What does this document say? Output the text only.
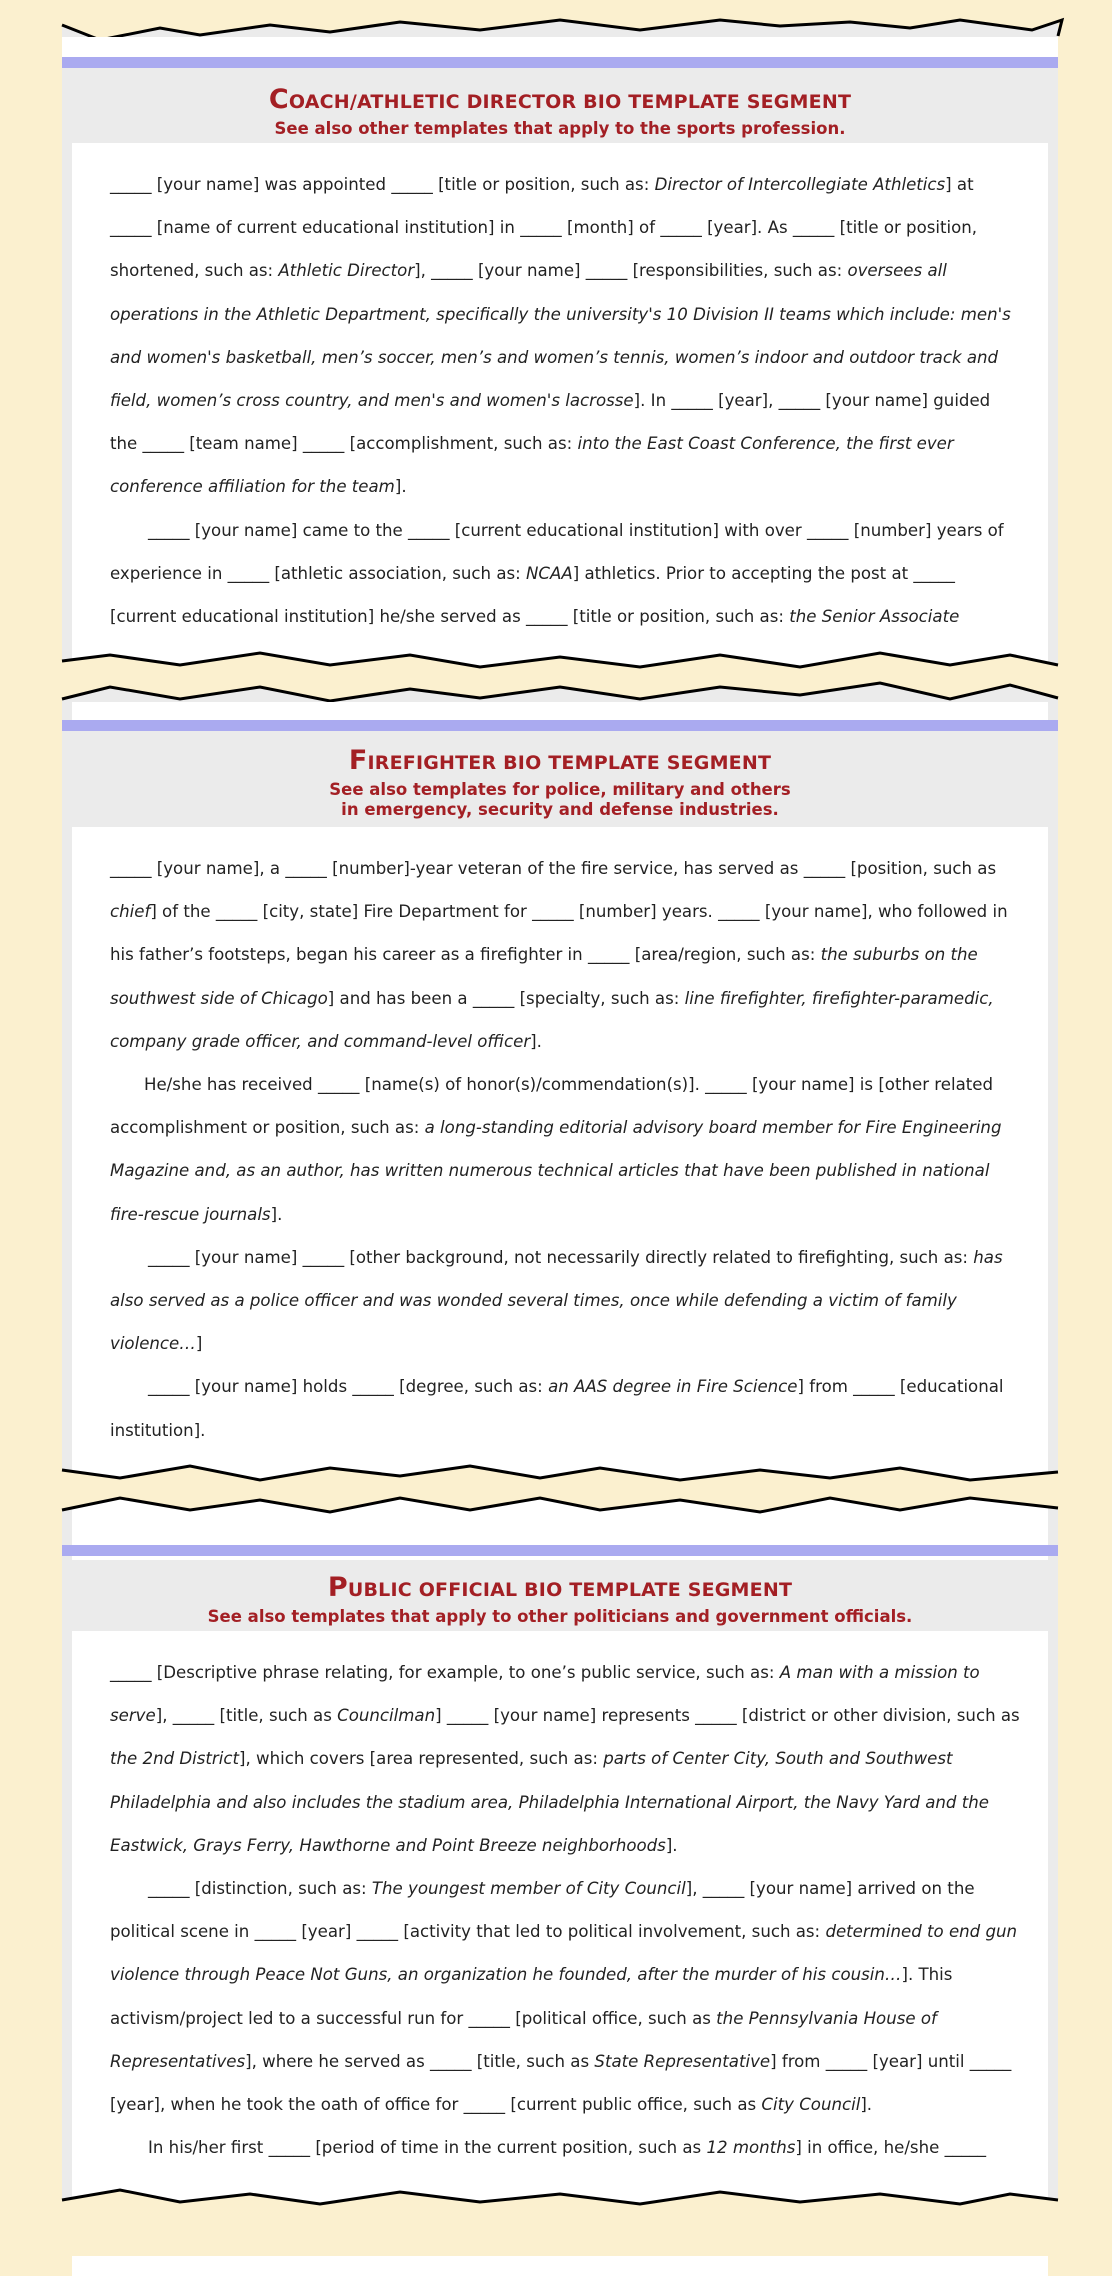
COACH/ATHLETIC DIRECTOR BIO TEMPLATE SEGMENT
See also other templates that apply to the sports profession.

_____ [your name] was appointed _____ [title or position, such as: Director of Intercollegiate Athletics] at _____ [name of current educational institution] in _____ [month] of _____ [year]. As _____ [title or position, shortened, such as: Athletic Director], _____ [your name] _____ [responsibilities, such as: oversees all operations in the Athletic Department, specifically the university's 10 Division II teams which include: men's and women's basketball, men’s soccer, men’s and women’s tennis, women’s indoor and outdoor track and field, women’s cross country, and men's and women's lacrosse]. In _____ [year], _____ [your name] guided the _____ [team name] _____ [accomplishment, such as: into the East Coast Conference, the first ever conference affiliation for the team].

_____ [your name] came to the _____ [current educational institution] with over _____ [number] years of experience in _____ [athletic association, such as: NCAA] athletics. Prior to accepting the post at _____ [current educational institution] he/she served as _____ [title or position, such as: the Senior Associate

FIREFIGHTER BIO TEMPLATE SEGMENT
See also templates for police, military and others
in emergency, security and defense industries.

_____ [your name], a _____ [number]-year veteran of the fire service, has served as _____ [position, such as chief] of the _____ [city, state] Fire Department for _____ [number] years. _____ [your name], who followed in his father’s footsteps, began his career as a firefighter in _____ [area/region, such as: the suburbs on the southwest side of Chicago] and has been a _____ [specialty, such as: line firefighter, firefighter-paramedic, company grade officer, and command-level officer].

He/she has received _____ [name(s) of honor(s)/commendation(s)]. _____ [your name] is [other related accomplishment or position, such as: a long-standing editorial advisory board member for Fire Engineering Magazine and, as an author, has written numerous technical articles that have been published in national fire-rescue journals].

_____ [your name] _____ [other background, not necessarily directly related to firefighting, such as: has also served as a police officer and was wonded several times, once while defending a victim of family violence…]

_____ [your name] holds _____ [degree, such as: an AAS degree in Fire Science] from _____ [educational institution].

PUBLIC OFFICIAL BIO TEMPLATE SEGMENT
See also templates that apply to other politicians and government officials.

_____ [Descriptive phrase relating, for example, to one’s public service, such as: A man with a mission to serve], _____ [title, such as Councilman] _____ [your name] represents _____ [district or other division, such as the 2nd District], which covers [area represented, such as: parts of Center City, South and Southwest Philadelphia and also includes the stadium area, Philadelphia International Airport, the Navy Yard and the Eastwick, Grays Ferry, Hawthorne and Point Breeze neighborhoods].

_____ [distinction, such as: The youngest member of City Council], _____ [your name] arrived on the political scene in _____ [year] _____ [activity that led to political involvement, such as: determined to end gun violence through Peace Not Guns, an organization he founded, after the murder of his cousin…]. This activism/project led to a successful run for _____ [political office, such as the Pennsylvania House of Representatives], where he served as _____ [title, such as State Representative] from _____ [year] until _____ [year], when he took the oath of office for _____ [current public office, such as City Council].

In his/her first _____ [period of time in the current position, such as 12 months] in office, he/she _____
